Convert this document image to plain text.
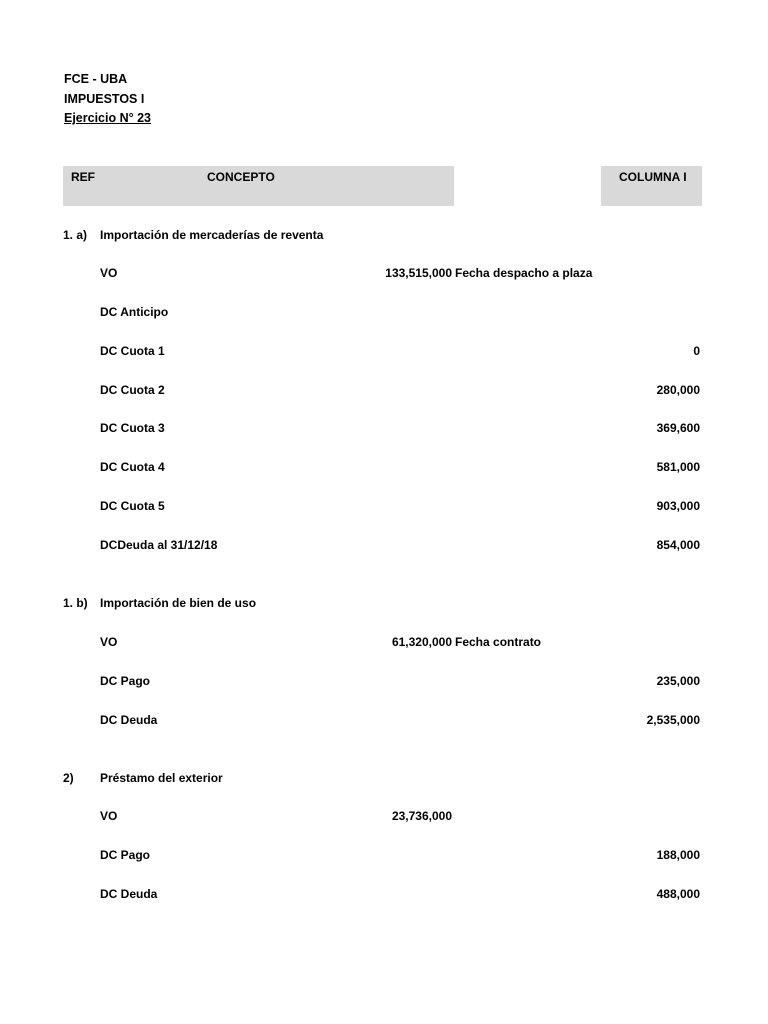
FCE - UBA
IMPUESTOS I
Ejercicio N° 23
REF	CONCEPTO	COLUMNA I
1. a) Importación de mercaderías de reventa
VO	133,515,000 Fecha despacho a plaza
DC Anticipo
DC Cuota 1	0
DC Cuota 2	280,000
DC Cuota 3	369,600
DC Cuota 4	581,000
DC Cuota 5	903,000
DCDeuda al 31/12/18	854,000
1. b) Importación de bien de uso
VO	61,320,000 Fecha contrato
DC Pago	235,000
DC Deuda	2,535,000
2) Préstamo del exterior
VO	23,736,000
DC Pago	188,000
DC Deuda	488,000
